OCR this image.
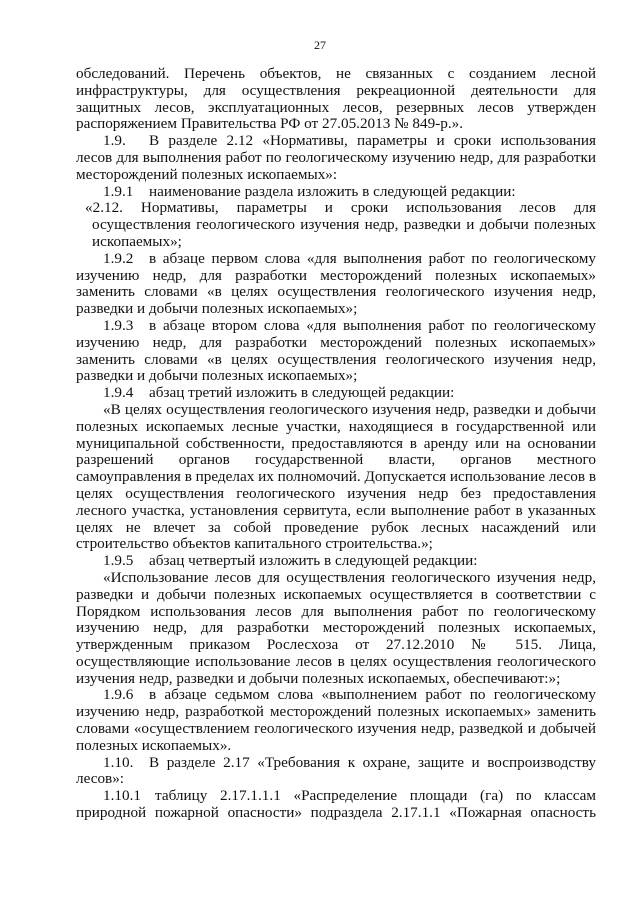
27

обследований. Перечень объектов, не связанных с созданием лесной инфраструктуры, для осуществления рекреационной деятельности для защитных лесов, эксплуатационных лесов, резервных лесов утвержден распоряжением Правительства РФ от 27.05.2013 № 849-р.».

1.9. В разделе 2.12 «Нормативы, параметры и сроки использования лесов для выполнения работ по геологическому изучению недр, для разработки месторождений полезных ископаемых»:

1.9.1 наименование раздела изложить в следующей редакции:

«2.12. Нормативы, параметры и сроки использования лесов для осуществления геологического изучения недр, разведки и добычи полезных ископаемых»;

1.9.2 в абзаце первом слова «для выполнения работ по геологическому изучению недр, для разработки месторождений полезных ископаемых» заменить словами «в целях осуществления геологического изучения недр, разведки и добычи полезных ископаемых»;

1.9.3 в абзаце втором слова «для выполнения работ по геологическому изучению недр, для разработки месторождений полезных ископаемых» заменить словами «в целях осуществления геологического изучения недр, разведки и добычи полезных ископаемых»;

1.9.4 абзац третий изложить в следующей редакции:

«В целях осуществления геологического изучения недр, разведки и добычи полезных ископаемых лесные участки, находящиеся в государственной или муниципальной собственности, предоставляются в аренду или на основании разрешений органов государственной власти, органов местного самоуправления в пределах их полномочий. Допускается использование лесов в целях осуществления геологического изучения недр без предоставления лесного участка, установления сервитута, если выполнение работ в указанных целях не влечет за собой проведение рубок лесных насаждений или строительство объектов капитального строительства.»;

1.9.5 абзац четвертый изложить в следующей редакции:

«Использование лесов для осуществления геологического изучения недр, разведки и добычи полезных ископаемых осуществляется в соответствии с Порядком использования лесов для выполнения работ по геологическому изучению недр, для разработки месторождений полезных ископаемых, утвержденным приказом Рослесхоза от 27.12.2010 № 515. Лица, осуществляющие использование лесов в целях осуществления геологического изучения недр, разведки и добычи полезных ископаемых, обеспечивают:»;

1.9.6 в абзаце седьмом слова «выполнением работ по геологическому изучению недр, разработкой месторождений полезных ископаемых» заменить словами «осуществлением геологического изучения недр, разведкой и добычей полезных ископаемых».

1.10. В разделе 2.17 «Требования к охране, защите и воспроизводству лесов»:

1.10.1 таблицу 2.17.1.1.1 «Распределение площади (га) по классам природной пожарной опасности» подраздела 2.17.1.1 «Пожарная опасность
